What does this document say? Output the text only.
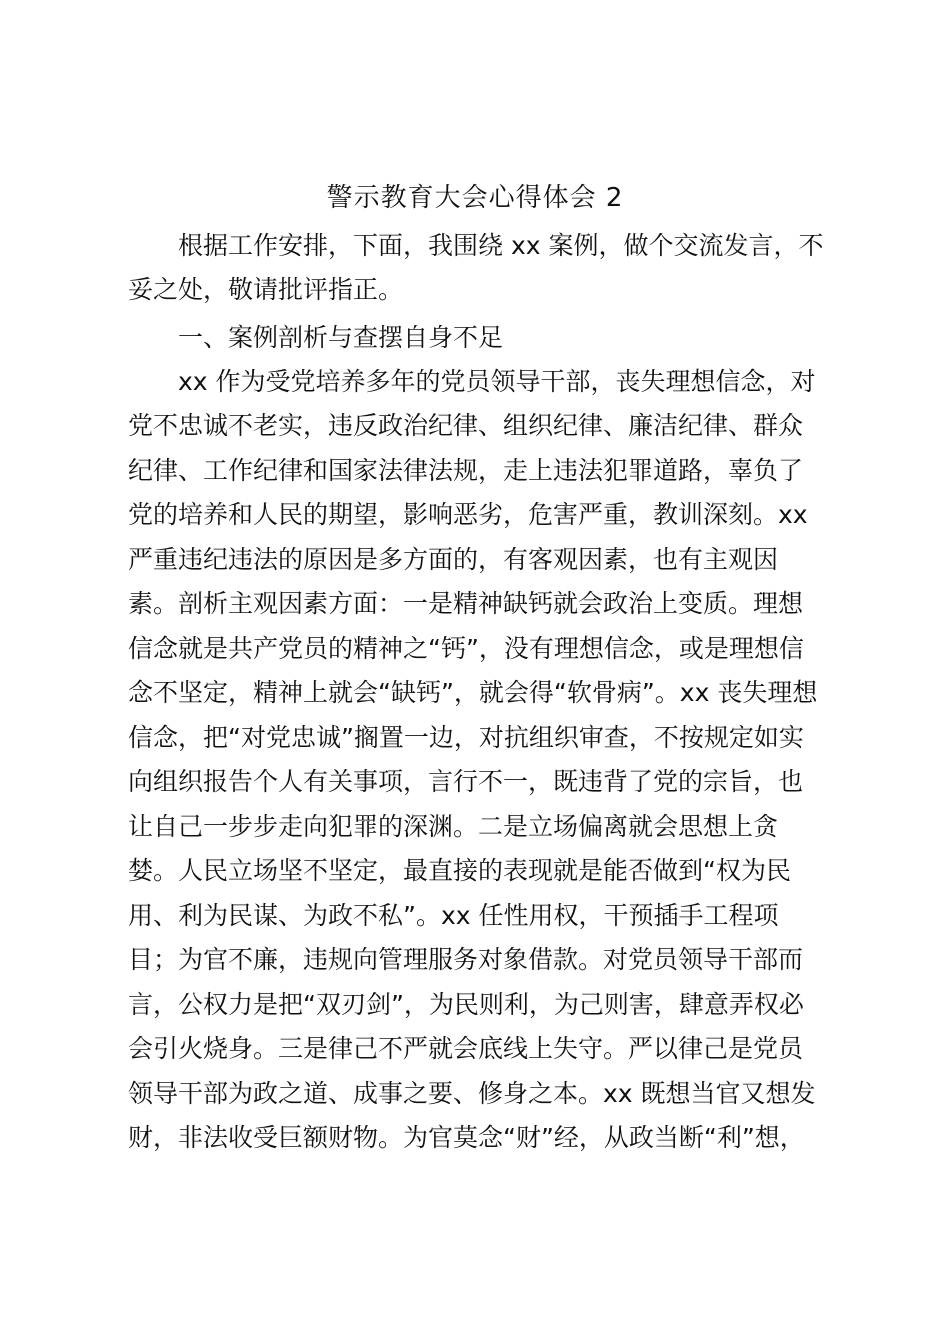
警示教育大会心得体会 2
根据工作安排，下面，我围绕 xx 案例，做个交流发言，不
妥之处，敬请批评指正。
一、案例剖析与查摆自身不足
xx 作为受党培养多年的党员领导干部，丧失理想信念，对
党不忠诚不老实，违反政治纪律、组织纪律、廉洁纪律、群众
纪律、工作纪律和国家法律法规，走上违法犯罪道路，辜负了
党的培养和人民的期望，影响恶劣，危害严重，教训深刻。xx
严重违纪违法的原因是多方面的，有客观因素，也有主观因
素。剖析主观因素方面：一是精神缺钙就会政治上变质。理想
信念就是共产党员的精神之“钙”，没有理想信念，或是理想信
念不坚定，精神上就会“缺钙”，就会得“软骨病”。xx 丧失理想
信念，把“对党忠诚”搁置一边，对抗组织审查，不按规定如实
向组织报告个人有关事项，言行不一，既违背了党的宗旨，也
让自己一步步走向犯罪的深渊。二是立场偏离就会思想上贪
婪。人民立场坚不坚定，最直接的表现就是能否做到“权为民
用、利为民谋、为政不私”。xx 任性用权，干预插手工程项
目；为官不廉，违规向管理服务对象借款。对党员领导干部而
言，公权力是把“双刃剑”，为民则利，为己则害，肆意弄权必
会引火烧身。三是律己不严就会底线上失守。严以律己是党员
领导干部为政之道、成事之要、修身之本。xx 既想当官又想发
财，非法收受巨额财物。为官莫念“财”经，从政当断“利”想，
